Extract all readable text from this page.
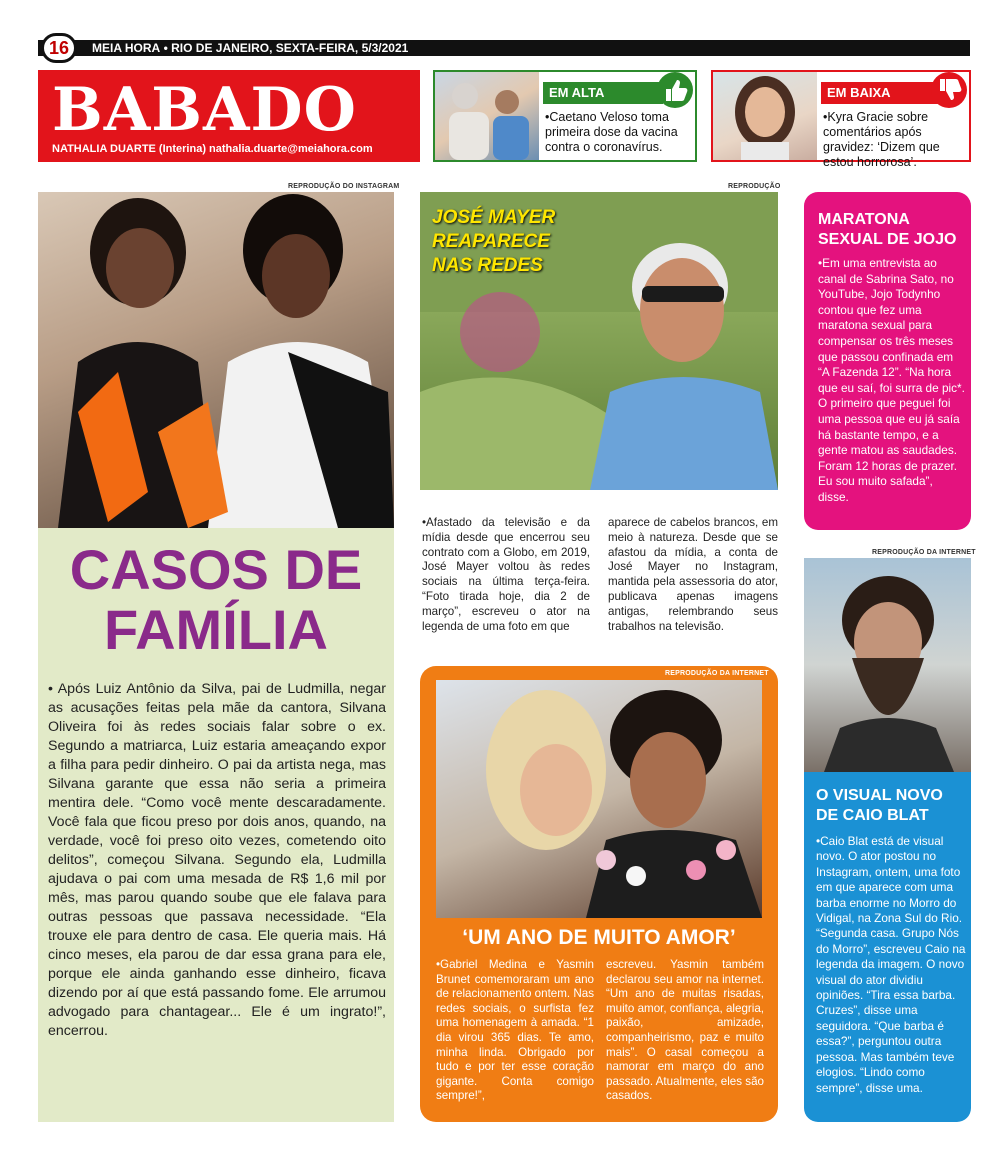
16	MEIA HORA • RIO DE JANEIRO, SEXTA-FEIRA, 5/3/2021
BABADO
NATHALIA DUARTE (Interina) nathalia.duarte@meiahora.com
EM ALTA
•Caetano Veloso toma primeira dose da vacina contra o coronavírus.
EM BAIXA
•Kyra Gracie sobre comentários após gravidez: ‘Dizem que estou horrorosa’.
REPRODUÇÃO DO INSTAGRAM
CASOS DE
FAMÍLIA
• Após Luiz Antônio da Silva, pai de Ludmilla, negar as acusações feitas pela mãe da cantora, Silvana Oliveira foi às redes sociais falar sobre o ex. Segundo a matriarca, Luiz estaria ameaçando expor a filha para pedir dinheiro. O pai da artista nega, mas Silvana garante que essa não seria a primeira mentira dele. “Como você mente descaradamente. Você fala que ficou preso por dois anos, quando, na verdade, você foi preso oito vezes, cometendo oito delitos”, começou Silvana. Segundo ela, Ludmilla ajudava o pai com uma mesada de R$ 1,6 mil por mês, mas parou quando soube que ele falava para outras pessoas que passava necessidade. “Ela trouxe ele para dentro de casa. Ele queria mais. Há cinco meses, ela parou de dar essa grana para ele, porque ele ainda ganhando esse dinheiro, ficava dizendo por aí que está passando fome. Ele arrumou advogado para chantagear... Ele é um ingrato!”, encerrou.
REPRODUÇÃO
JOSÉ MAYER
REAPARECE
NAS REDES
•Afastado da televisão e da mídia desde que encerrou seu contrato com a Globo, em 2019, José Mayer voltou às redes sociais na última terça-feira. “Foto tirada hoje, dia 2 de março”, escreveu o ator na legenda de uma foto em que
aparece de cabelos brancos, em meio à natureza. Desde que se afastou da mídia, a conta de José Mayer no Instagram, mantida pela assessoria do ator, publicava apenas imagens antigas, relembrando seus trabalhos na televisão.
REPRODUÇÃO DA INTERNET
‘UM ANO DE MUITO AMOR’
•Gabriel Medina e Yasmin Brunet comemoraram um ano de relacionamento ontem. Nas redes sociais, o surfista fez uma homenagem à amada. “1 dia virou 365 dias. Te amo, minha linda. Obrigado por tudo e por ter esse coração gigante. Conta comigo sempre!”,
escreveu. Yasmin também declarou seu amor na internet. “Um ano de muitas risadas, muito amor, confiança, alegria, paixão, amizade, companheirismo, paz e muito mais”. O casal começou a namorar em março do ano passado. Atualmente, eles são casados.
MARATONA SEXUAL DE JOJO
•Em uma entrevista ao canal de Sabrina Sato, no YouTube, Jojo Todynho contou que fez uma maratona sexual para compensar os três meses que passou confinada em “A Fazenda 12”. “Na hora que eu saí, foi surra de pic*. O primeiro que peguei foi uma pessoa que eu já saía há bastante tempo, e a gente matou as saudades. Foram 12 horas de prazer. Eu sou muito safada”, disse.
REPRODUÇÃO DA INTERNET
O VISUAL NOVO DE CAIO BLAT
•Caio Blat está de visual novo. O ator postou no Instagram, ontem, uma foto em que aparece com uma barba enorme no Morro do Vidigal, na Zona Sul do Rio. “Segunda casa. Grupo Nós do Morro”, escreveu Caio na legenda da imagem. O novo visual do ator dividiu opiniões. “Tira essa barba. Cruzes”, disse uma seguidora. “Que barba é essa?”, perguntou outra pessoa. Mas também teve elogios. “Lindo como sempre”, disse uma.
